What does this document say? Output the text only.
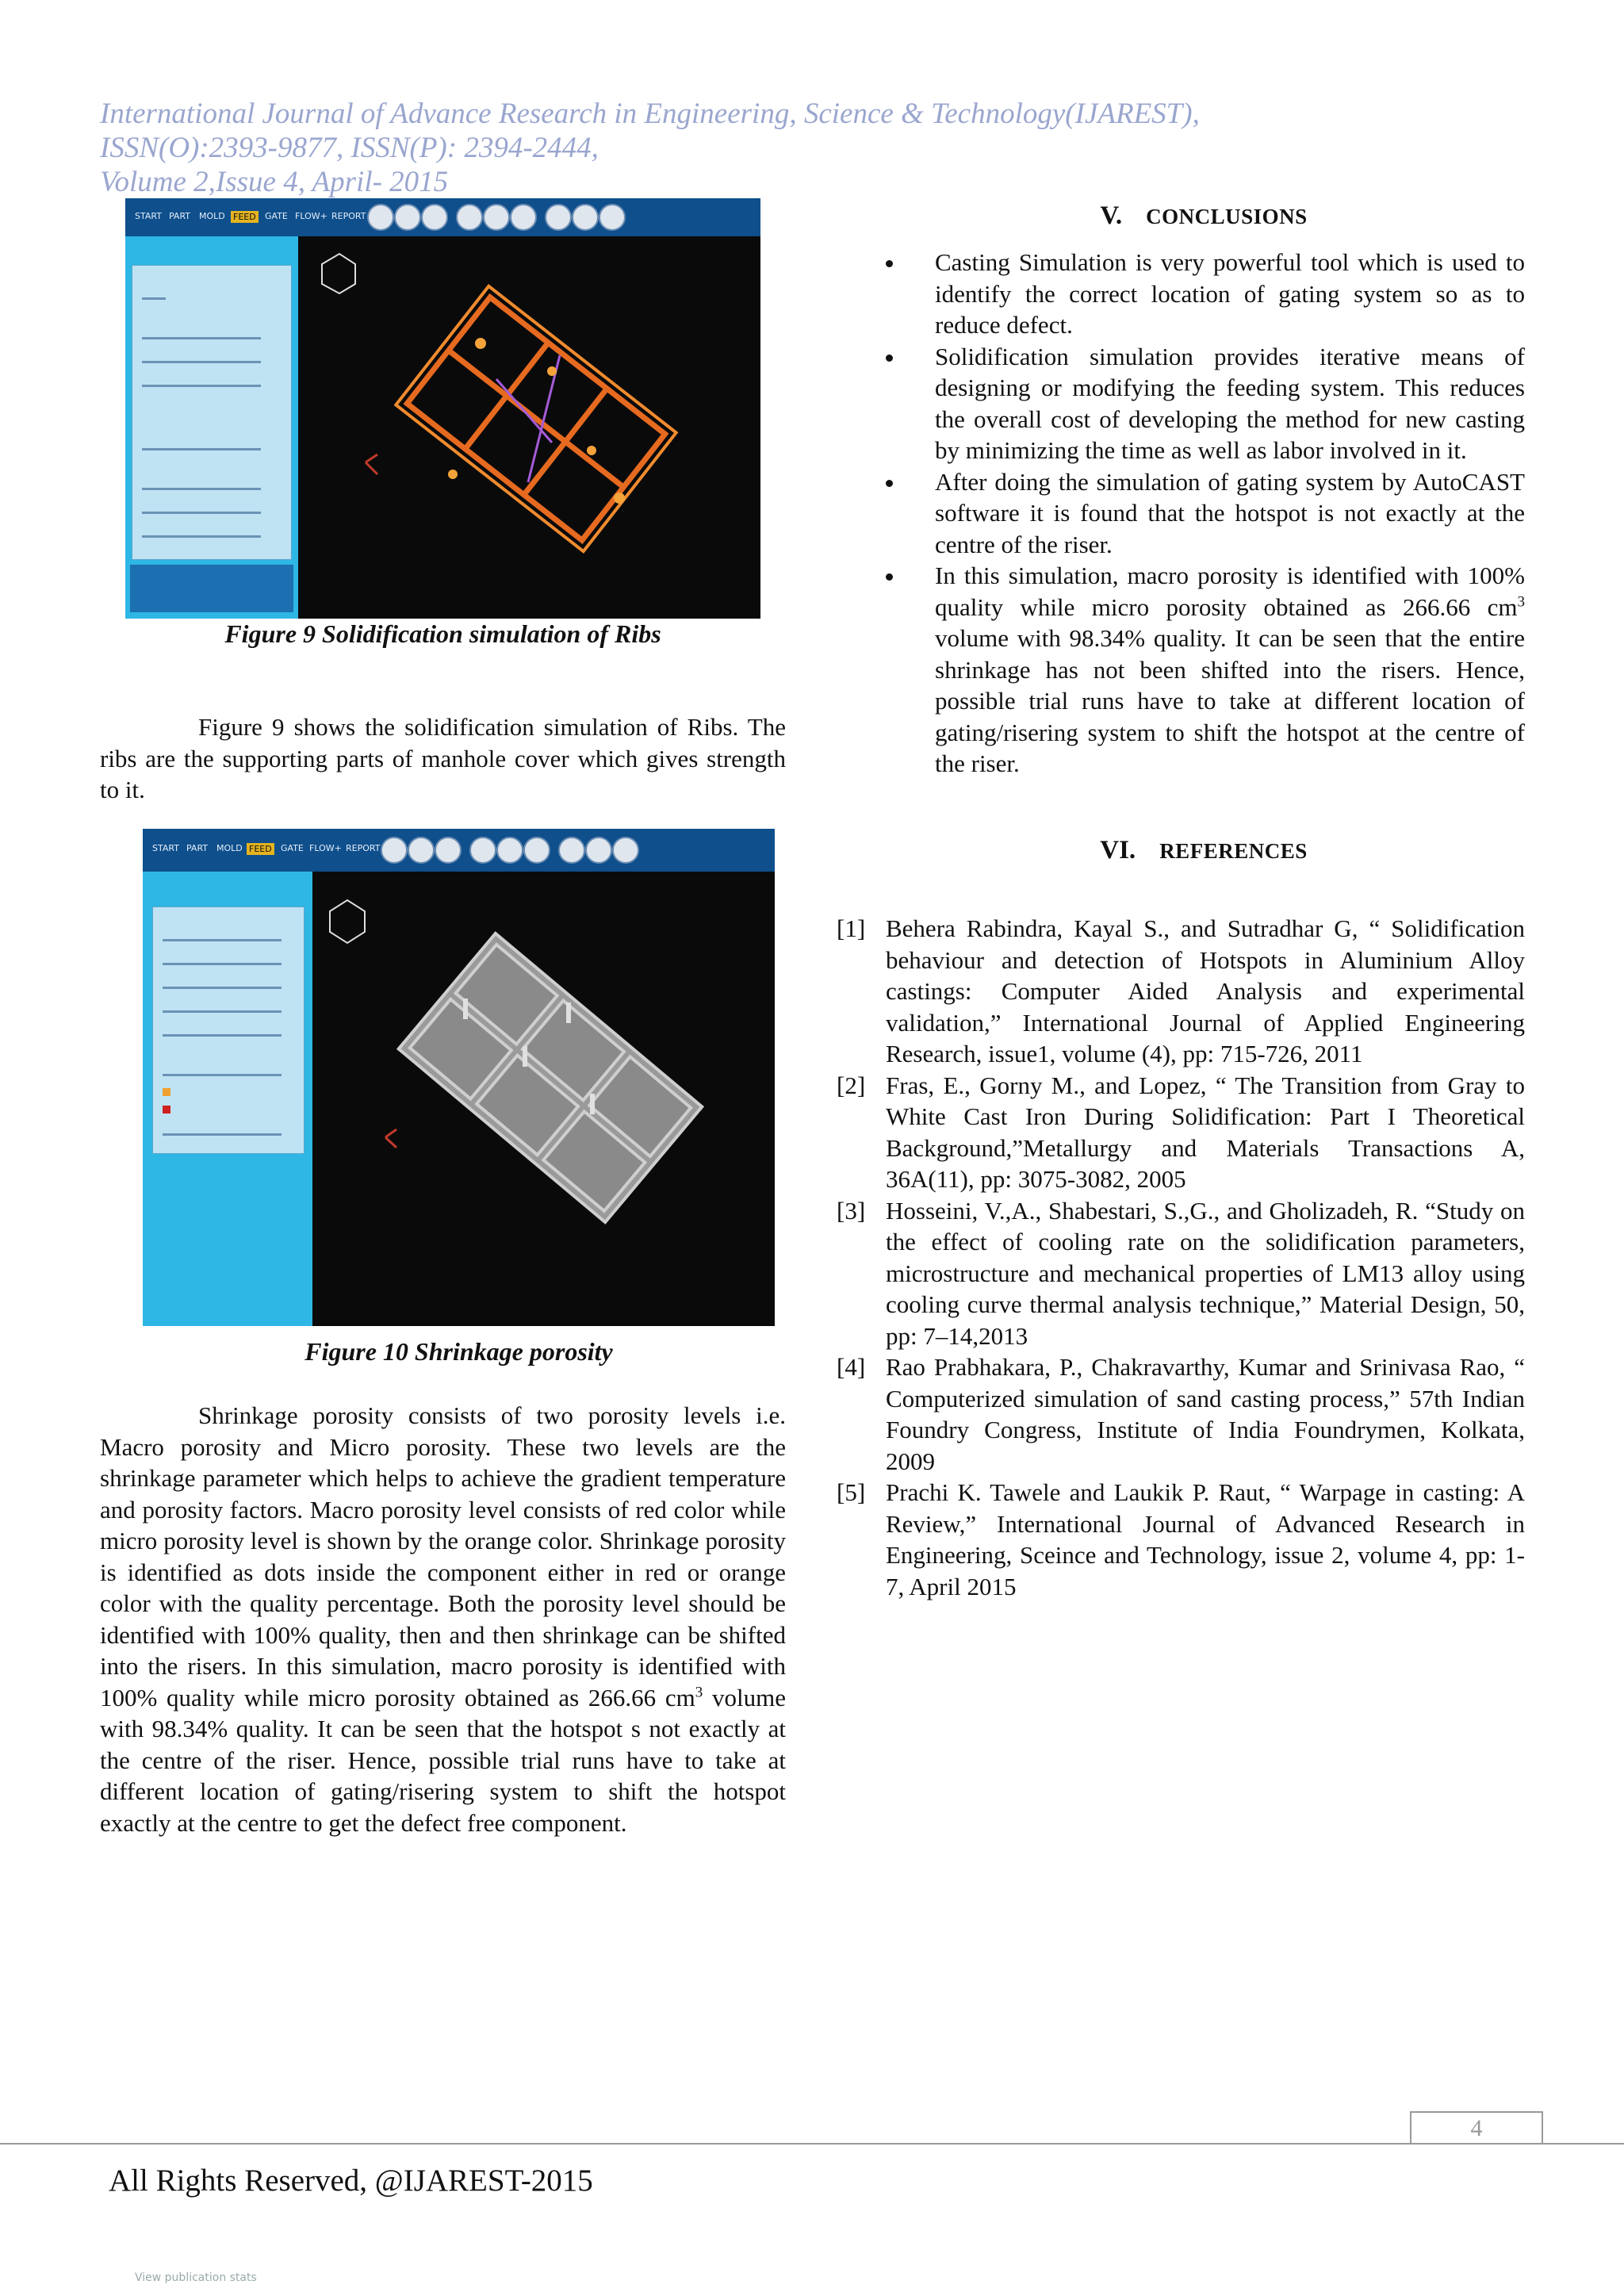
International Journal of Advance Research in Engineering, Science & Technology(IJAREST),
ISSN(O):2393-9877, ISSN(P): 2394-2444,
Volume 2,Issue 4, April- 2015
START PART MOLD FEED GATE FLOW+ REPORT
Figure 9 Solidification simulation of Ribs

Figure 9 shows the solidification simulation of Ribs. The ribs are the supporting parts of manhole cover which gives strength to it.

START PART MOLD FEED GATE FLOW+ REPORT
Figure 10 Shrinkage porosity

Shrinkage porosity consists of two porosity levels i.e. Macro porosity and Micro porosity. These two levels are the shrinkage parameter which helps to achieve the gradient temperature and porosity factors. Macro porosity level consists of red color while micro porosity level is shown by the orange color. Shrinkage porosity is identified as dots inside the component either in red or orange color with the quality percentage. Both the porosity level should be identified with 100% quality, then and then shrinkage can be shifted into the risers. In this simulation, macro porosity is identified with 100% quality while micro porosity obtained as 266.66 $cm^3$ volume with 98.34% quality. It can be seen that the hotspot s not exactly at the centre of the riser. Hence, possible trial runs have to take at different location of gating/risering system to shift the hotspot exactly at the centre to get the defect free component.

V. CONCLUSIONS
Casting Simulation is very powerful tool which is used to identify the correct location of gating system so as to reduce defect.
Solidification simulation provides iterative means of designing or modifying the feeding system. This reduces the overall cost of developing the method for new casting by minimizing the time as well as labor involved in it.
After doing the simulation of gating system by AutoCAST software it is found that the hotspot is not exactly at the centre of the riser.
In this simulation, macro porosity is identified with 100% quality while micro porosity obtained as 266.66 $cm^3$ volume with 98.34% quality. It can be seen that the entire shrinkage has not been shifted into the risers. Hence, possible trial runs have to take at different location of gating/risering system to shift the hotspot at the centre of the riser.
VI. REFERENCES
[1] Behera Rabindra, Kayal S., and Sutradhar G, “ Solidification behaviour and detection of Hotspots in Aluminium Alloy castings: Computer Aided Analysis and experimental validation,” International Journal of Applied Engineering Research, issue1, volume (4), pp: 715-726, 2011
[2] Fras, E., Gorny M., and Lopez, “ The Transition from Gray to White Cast Iron During Solidification: Part I Theoretical Background,”Metallurgy and Materials Transactions A, 36A(11), pp: 3075-3082, 2005
[3] Hosseini, V.,A., Shabestari, S.,G., and Gholizadeh, R. “Study on the effect of cooling rate on the solidification parameters, microstructure and mechanical properties of LM13 alloy using cooling curve thermal analysis technique,” Material Design, 50, pp: 7–14,2013
[4] Rao Prabhakara, P., Chakravarthy, Kumar and Srinivasa Rao, “ Computerized simulation of sand casting process,” 57th Indian Foundry Congress, Institute of India Foundrymen, Kolkata, 2009
[5] Prachi K. Tawele and Laukik P. Raut, “ Warpage in casting: A Review,” International Journal of Advanced Research in Engineering, Sceince and Technology, issue 2, volume 4, pp: 1-7, April 2015
4
All Rights Reserved, @IJAREST-2015
View publication stats
